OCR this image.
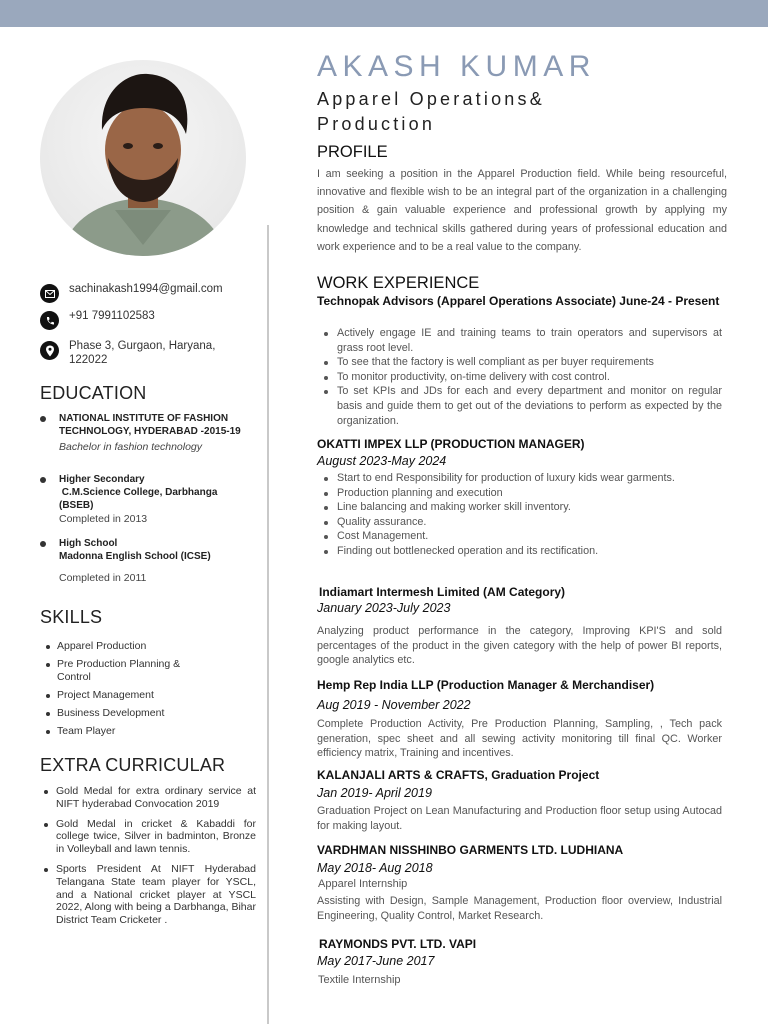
sachinakash1994@gmail.com
+91 7991102583
Phase 3, Gurgaon, Haryana, 122022
EDUCATION
NATIONAL INSTITUTE OF FASHION TECHNOLOGY, HYDERABAD -2015-19
Bachelor in fashion technology
Higher Secondary
C.M.Science College, Darbhanga (BSEB)
Completed in 2013
High School
Madonna English School (ICSE)
Completed in 2011
SKILLS
Apparel Production
Pre Production Planning & Control
Project Management
Business Development
Team Player
EXTRA CURRICULAR
Gold Medal for extra ordinary service at NIFT hyderabad Convocation 2019
Gold Medal in cricket & Kabaddi for college twice, Silver in badminton, Bronze in Volleyball and lawn tennis.
Sports President At NIFT Hyderabad Telangana State team player for YSCL, and a National cricket player at YSCL 2022, Along with being a Darbhanga, Bihar District Team Cricketer .
AKASH KUMAR
Apparel Operations& Production
PROFILE
I am seeking a position in the Apparel Production field. While being resourceful, innovative and flexible wish to be an integral part of the organization in a challenging position & gain valuable experience and professional growth by applying my knowledge and technical skills gathered during years of professional education and work experience and to be a real value to the company.
WORK EXPERIENCE
Technopak Advisors (Apparel Operations Associate) June-24 - Present
Actively engage IE and training teams to train operators and supervisors at grass root level.
To see that the factory is well compliant as per buyer requirements
To monitor productivity, on-time delivery with cost control.
To set KPIs and JDs for each and every department and monitor on regular basis and guide them to get out of the deviations to perform as expected by the organization.
OKATTI IMPEX LLP (PRODUCTION MANAGER)
August 2023-May 2024
Start to end Responsibility for production of luxury kids wear garments.
Production planning and execution
Line balancing and making worker skill inventory.
Quality assurance.
Cost Management.
Finding out bottlenecked operation and its rectification.
Indiamart Intermesh Limited (AM Category)
January 2023-July 2023
Analyzing product performance in the category, Improving KPI'S and sold percentages of the product in the given category with the help of power BI reports, google analytics etc.
Hemp Rep India LLP (Production Manager & Merchandiser)
Aug 2019 - November 2022
Complete Production Activity, Pre Production Planning, Sampling, , Tech pack generation, spec sheet and all sewing activity monitoring till final QC. Worker efficiency matrix, Training and incentives.
KALANJALI ARTS & CRAFTS, Graduation Project
Jan 2019- April 2019
Graduation Project on Lean Manufacturing and Production floor setup using Autocad for making layout.
VARDHMAN NISSHINBO GARMENTS LTD. LUDHIANA
May 2018- Aug 2018
Apparel Internship
Assisting with Design, Sample Management, Production floor overview, Industrial Engineering, Quality Control, Market Research.
RAYMONDS PVT. LTD. VAPI
May 2017-June 2017
Textile Internship
